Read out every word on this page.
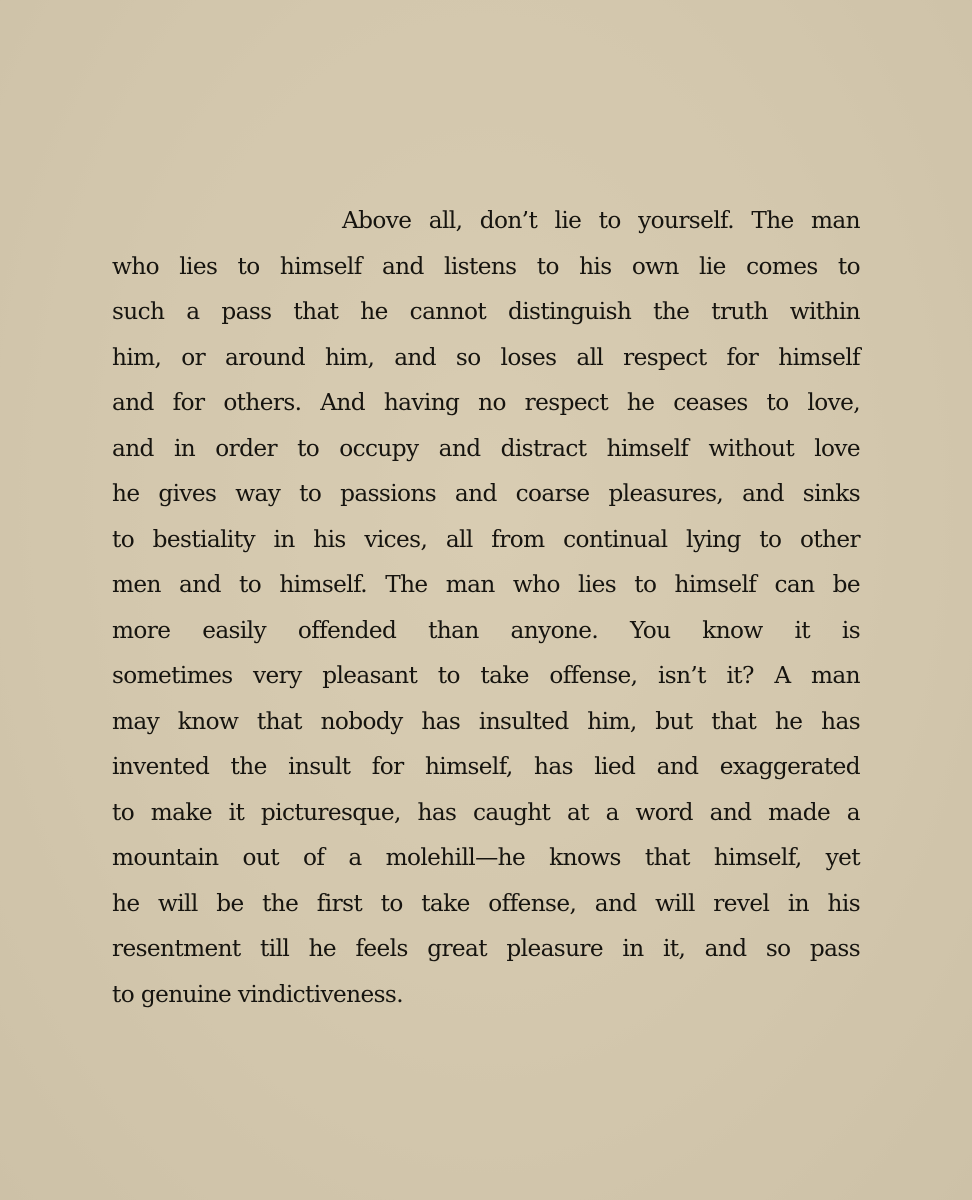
Above all, don’t lie to yourself. The man
who lies to himself and listens to his own lie comes to
such a pass that he cannot distinguish the truth within
him, or around him, and so loses all respect for himself
and for others. And having no respect he ceases to love,
and in order to occupy and distract himself without love
he gives way to passions and coarse pleasures, and sinks
to bestiality in his vices, all from continual lying to other
men and to himself. The man who lies to himself can be
more easily offended than anyone. You know it is
sometimes very pleasant to take offense, isn’t it? A man
may know that nobody has insulted him, but that he has
invented the insult for himself, has lied and exaggerated
to make it picturesque, has caught at a word and made a
mountain out of a molehill—he knows that himself, yet
he will be the first to take offense, and will revel in his
resentment till he feels great pleasure in it, and so pass
to genuine vindictiveness.
